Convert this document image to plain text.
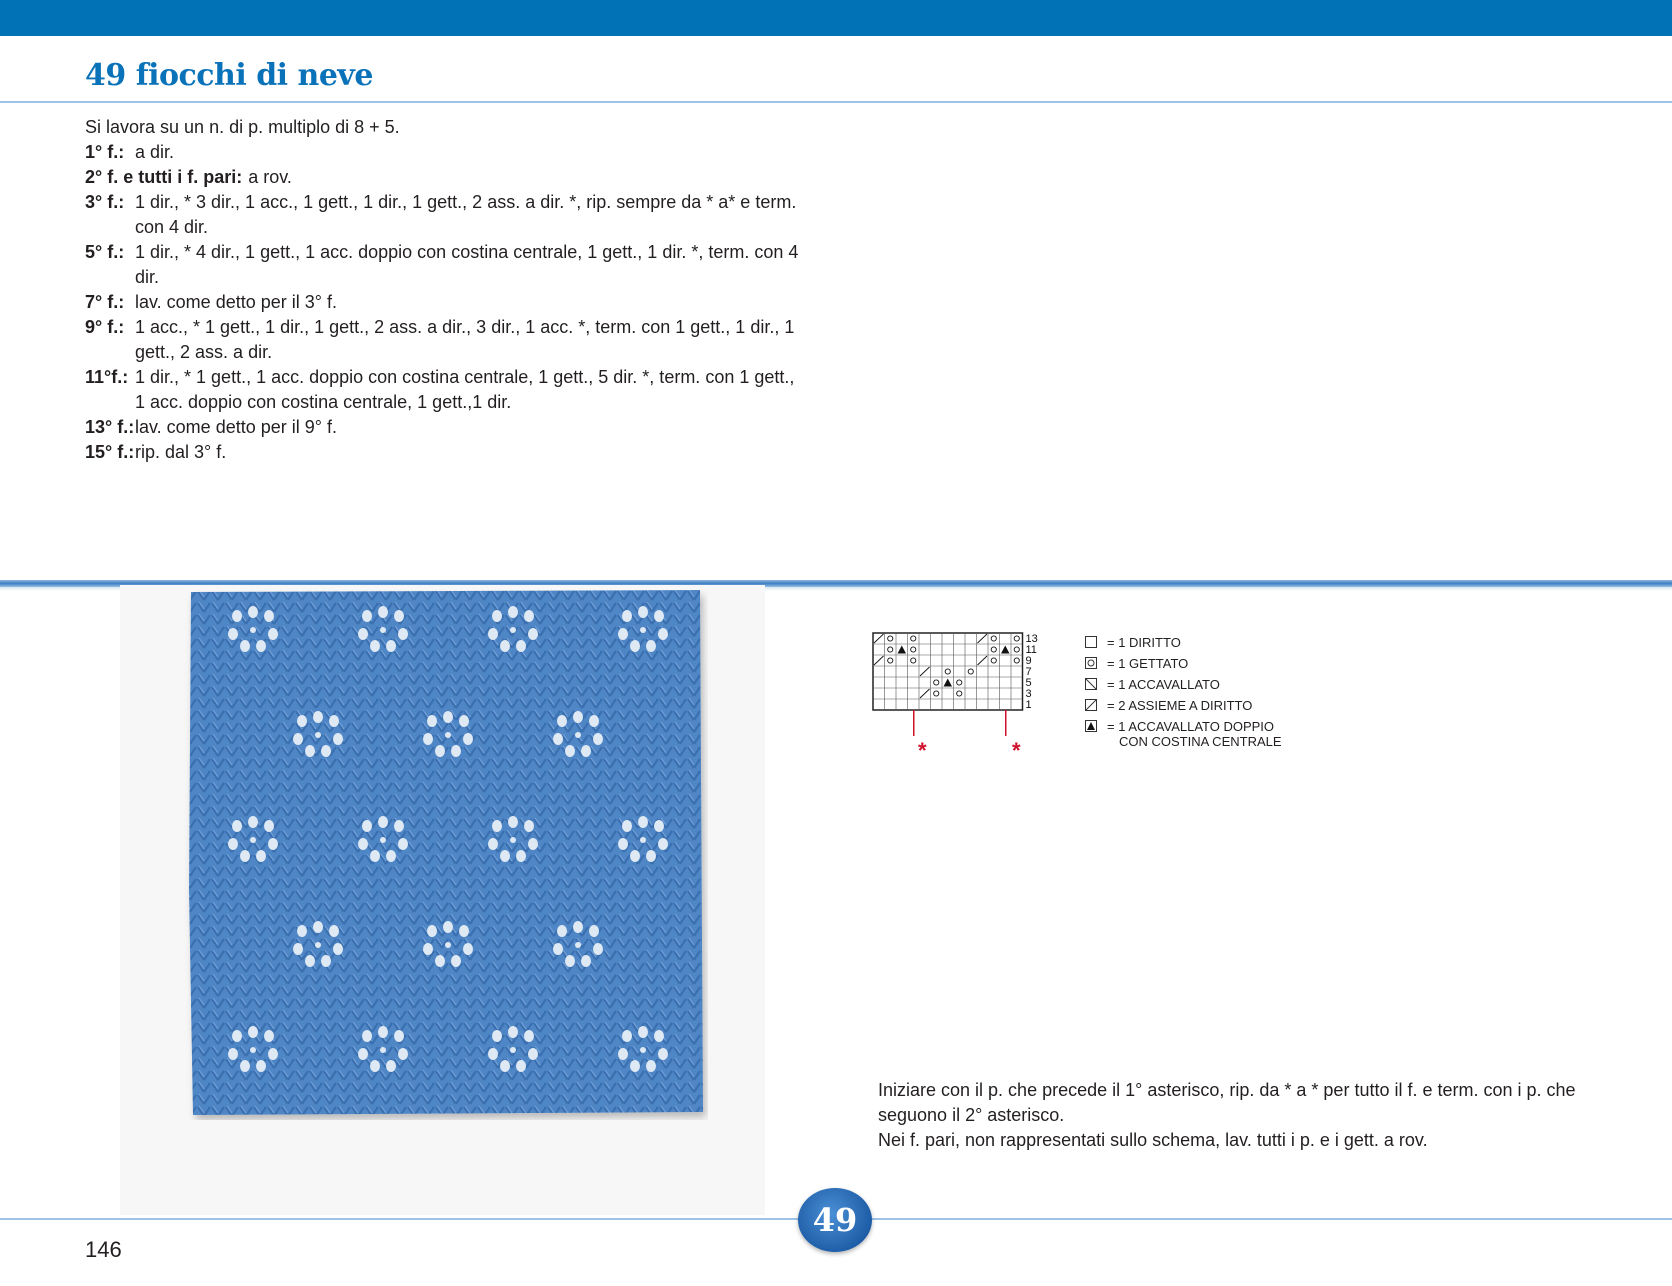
49 fiocchi di neve
Si lavora su un n. di p. multiplo di 8 + 5.
1° f.: a dir.
2° f. e tutti i f. pari: a rov.
3° f.: 1 dir., * 3 dir., 1 acc., 1 gett., 1 dir., 1 gett., 2 ass. a dir. *, rip. sempre da * a* e term. con 4 dir.
5° f.: 1 dir., * 4 dir., 1 gett., 1 acc. doppio con costina centrale, 1 gett., 1 dir. *, term. con 4 dir.
7° f.: lav. come detto per il 3° f.
9° f.: 1 acc., * 1 gett., 1 dir., 1 gett., 2 ass. a dir., 3 dir., 1 acc. *, term. con 1 gett., 1 dir., 1 gett., 2 ass. a dir.
11°f.: 1 dir., * 1 gett., 1 acc. doppio con costina centrale, 1 gett., 5 dir. *, term. con 1 gett., 1 acc. doppio con costina centrale, 1 gett.,1 dir.
13° f.: lav. come detto per il 9° f.
15° f.: rip. dal 3° f.
13
11
9
7
5
3
1
*	*
= 1 DIRITTO
= 1 GETTATO
= 1 ACCAVALLATO
= 2 ASSIEME A DIRITTO
= 1 ACCAVALLATO DOPPIO
CON COSTINA CENTRALE

Iniziare con il p. che precede il 1° asterisco, rip. da * a * per tutto il f. e term. con i p. che seguono il 2° asterisco.

Nei f. pari, non rappresentati sullo schema, lav. tutti i p. e i gett. a rov.

49
146
